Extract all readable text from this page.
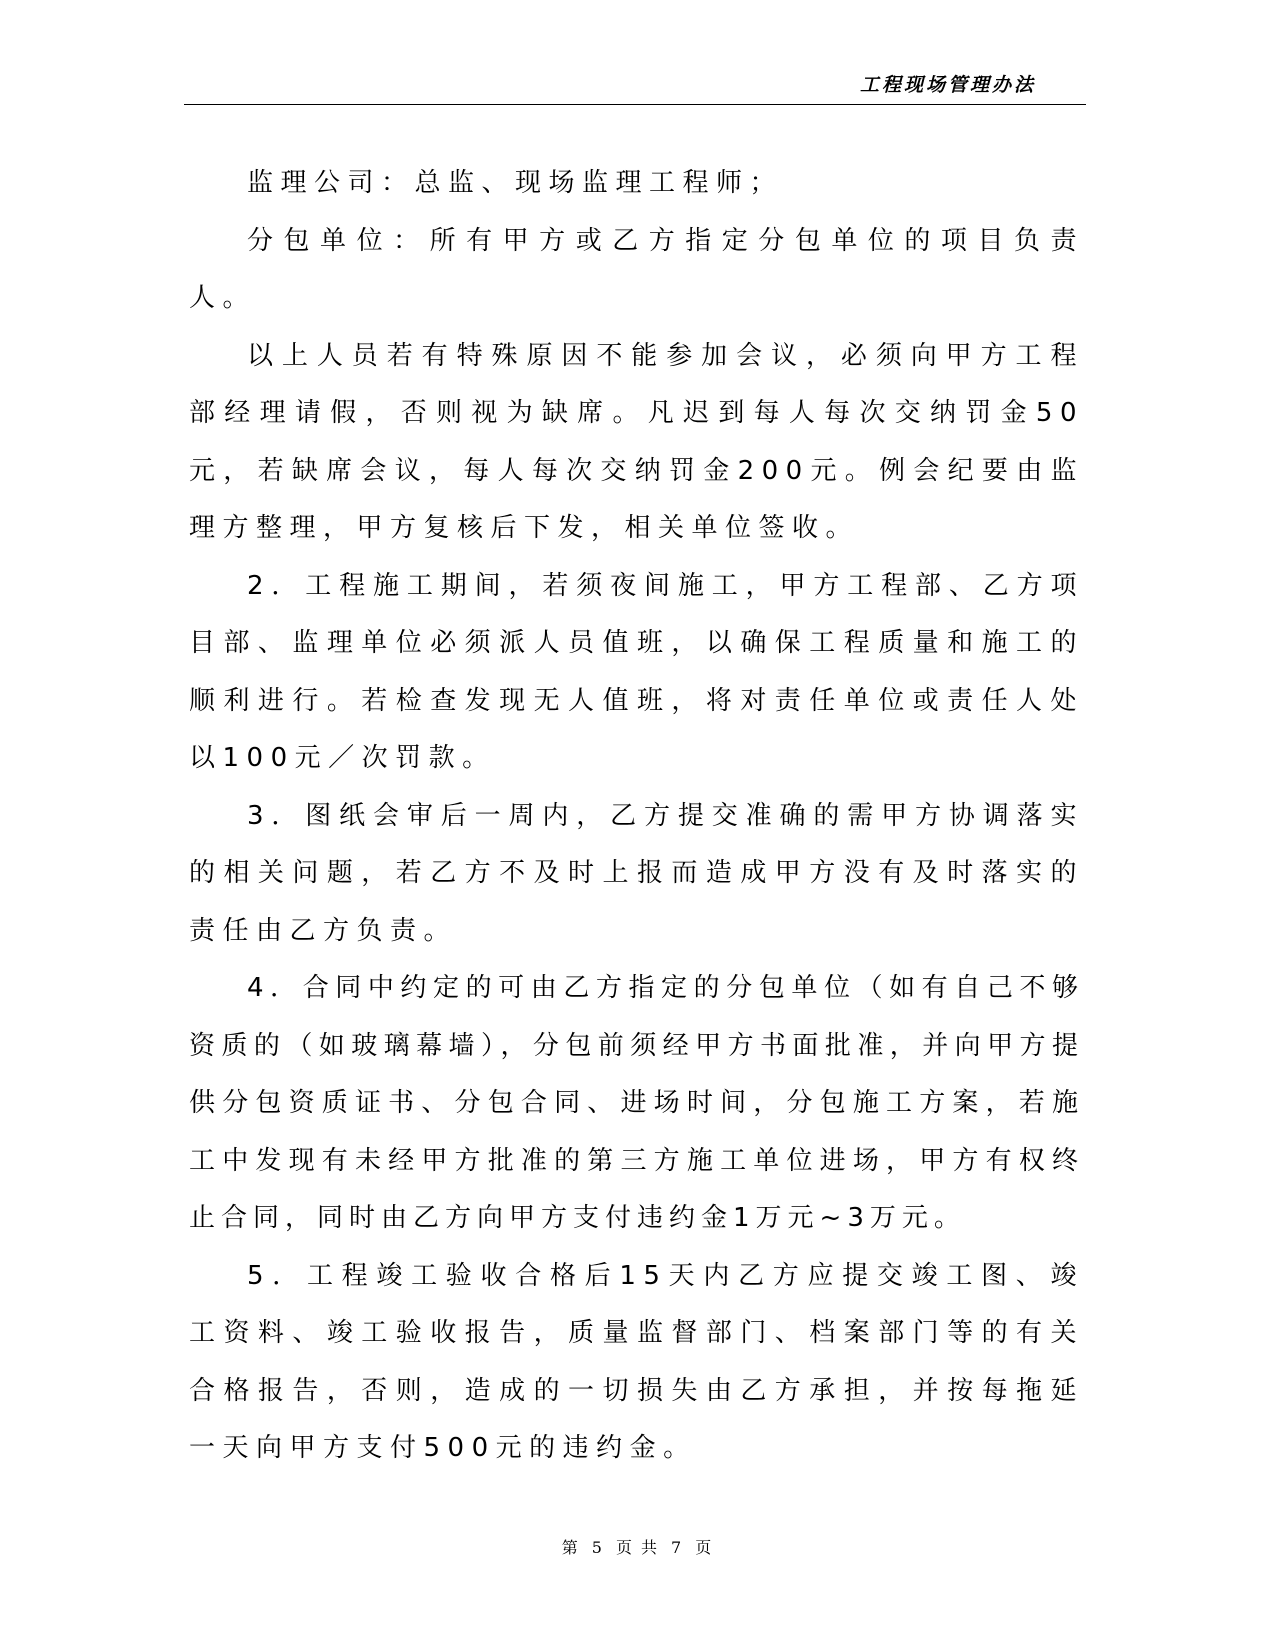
工程现场管理办法

监理公司：总监、现场监理工程师；

分包单位：所有甲方或乙方指定分包单位的项目负责人。

以上人员若有特殊原因不能参加会议，必须向甲方工程部经理请假，否则视为缺席。凡迟到每人每次交纳罚金50元，若缺席会议，每人每次交纳罚金200元。例会纪要由监理方整理，甲方复核后下发，相关单位签收。

2．工程施工期间，若须夜间施工，甲方工程部、乙方项目部、监理单位必须派人员值班，以确保工程质量和施工的顺利进行。若检查发现无人值班，将对责任单位或责任人处以100元／次罚款。

3．图纸会审后一周内，乙方提交准确的需甲方协调落实的相关问题，若乙方不及时上报而造成甲方没有及时落实的责任由乙方负责。

4．合同中约定的可由乙方指定的分包单位（如有自己不够资质的（如玻璃幕墙），分包前须经甲方书面批准，并向甲方提供分包资质证书、分包合同、进场时间，分包施工方案，若施工中发现有未经甲方批准的第三方施工单位进场，甲方有权终止合同，同时由乙方向甲方支付违约金1万元~3万元。

5．工程竣工验收合格后15天内乙方应提交竣工图、竣工资料、竣工验收报告，质量监督部门、档案部门等的有关合格报告，否则，造成的一切损失由乙方承担，并按每拖延一天向甲方支付500元的违约金。

第 5 页 共 7 页
